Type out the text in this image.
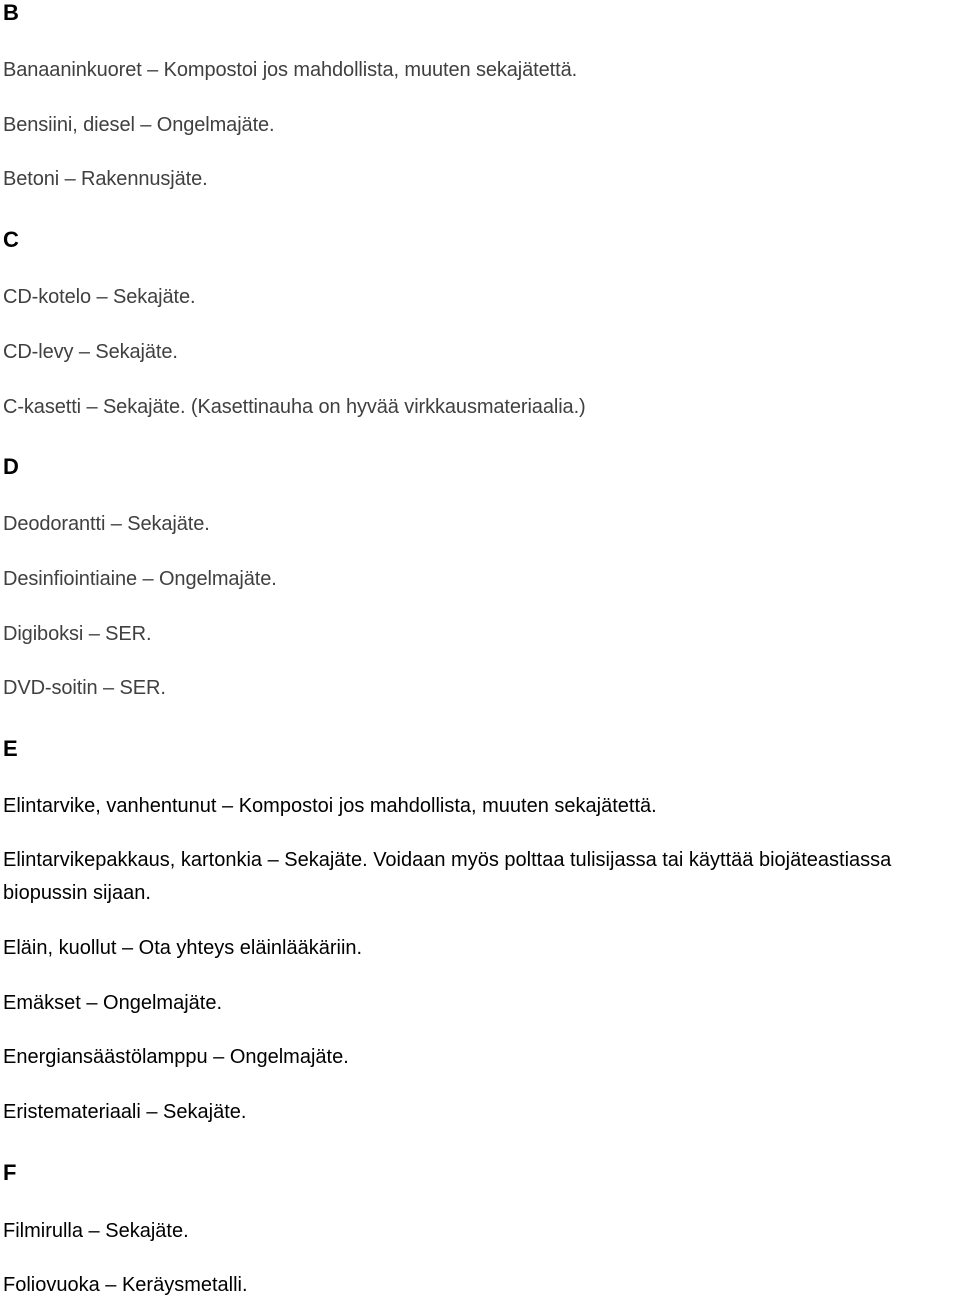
B

Banaaninkuoret – Kompostoi jos mahdollista, muuten sekajätettä.

Bensiini, diesel – Ongelmajäte.

Betoni – Rakennusjäte.

C

CD-kotelo – Sekajäte.

CD-levy – Sekajäte.

C-kasetti – Sekajäte. (Kasettinauha on hyvää virkkausmateriaalia.)

D

Deodorantti – Sekajäte.

Desinfiointiaine – Ongelmajäte.

Digiboksi – SER.

DVD-soitin – SER.

E

Elintarvike, vanhentunut – Kompostoi jos mahdollista, muuten sekajätettä.

Elintarvikepakkaus, kartonkia – Sekajäte. Voidaan myös polttaa tulisijassa tai käyttää biojäteastiassa biopussin sijaan.

Eläin, kuollut – Ota yhteys eläinlääkäriin.

Emäkset – Ongelmajäte.

Energiansäästölamppu – Ongelmajäte.

Eristemateriaali – Sekajäte.

F

Filmirulla – Sekajäte.

Foliovuoka – Keräysmetalli.
